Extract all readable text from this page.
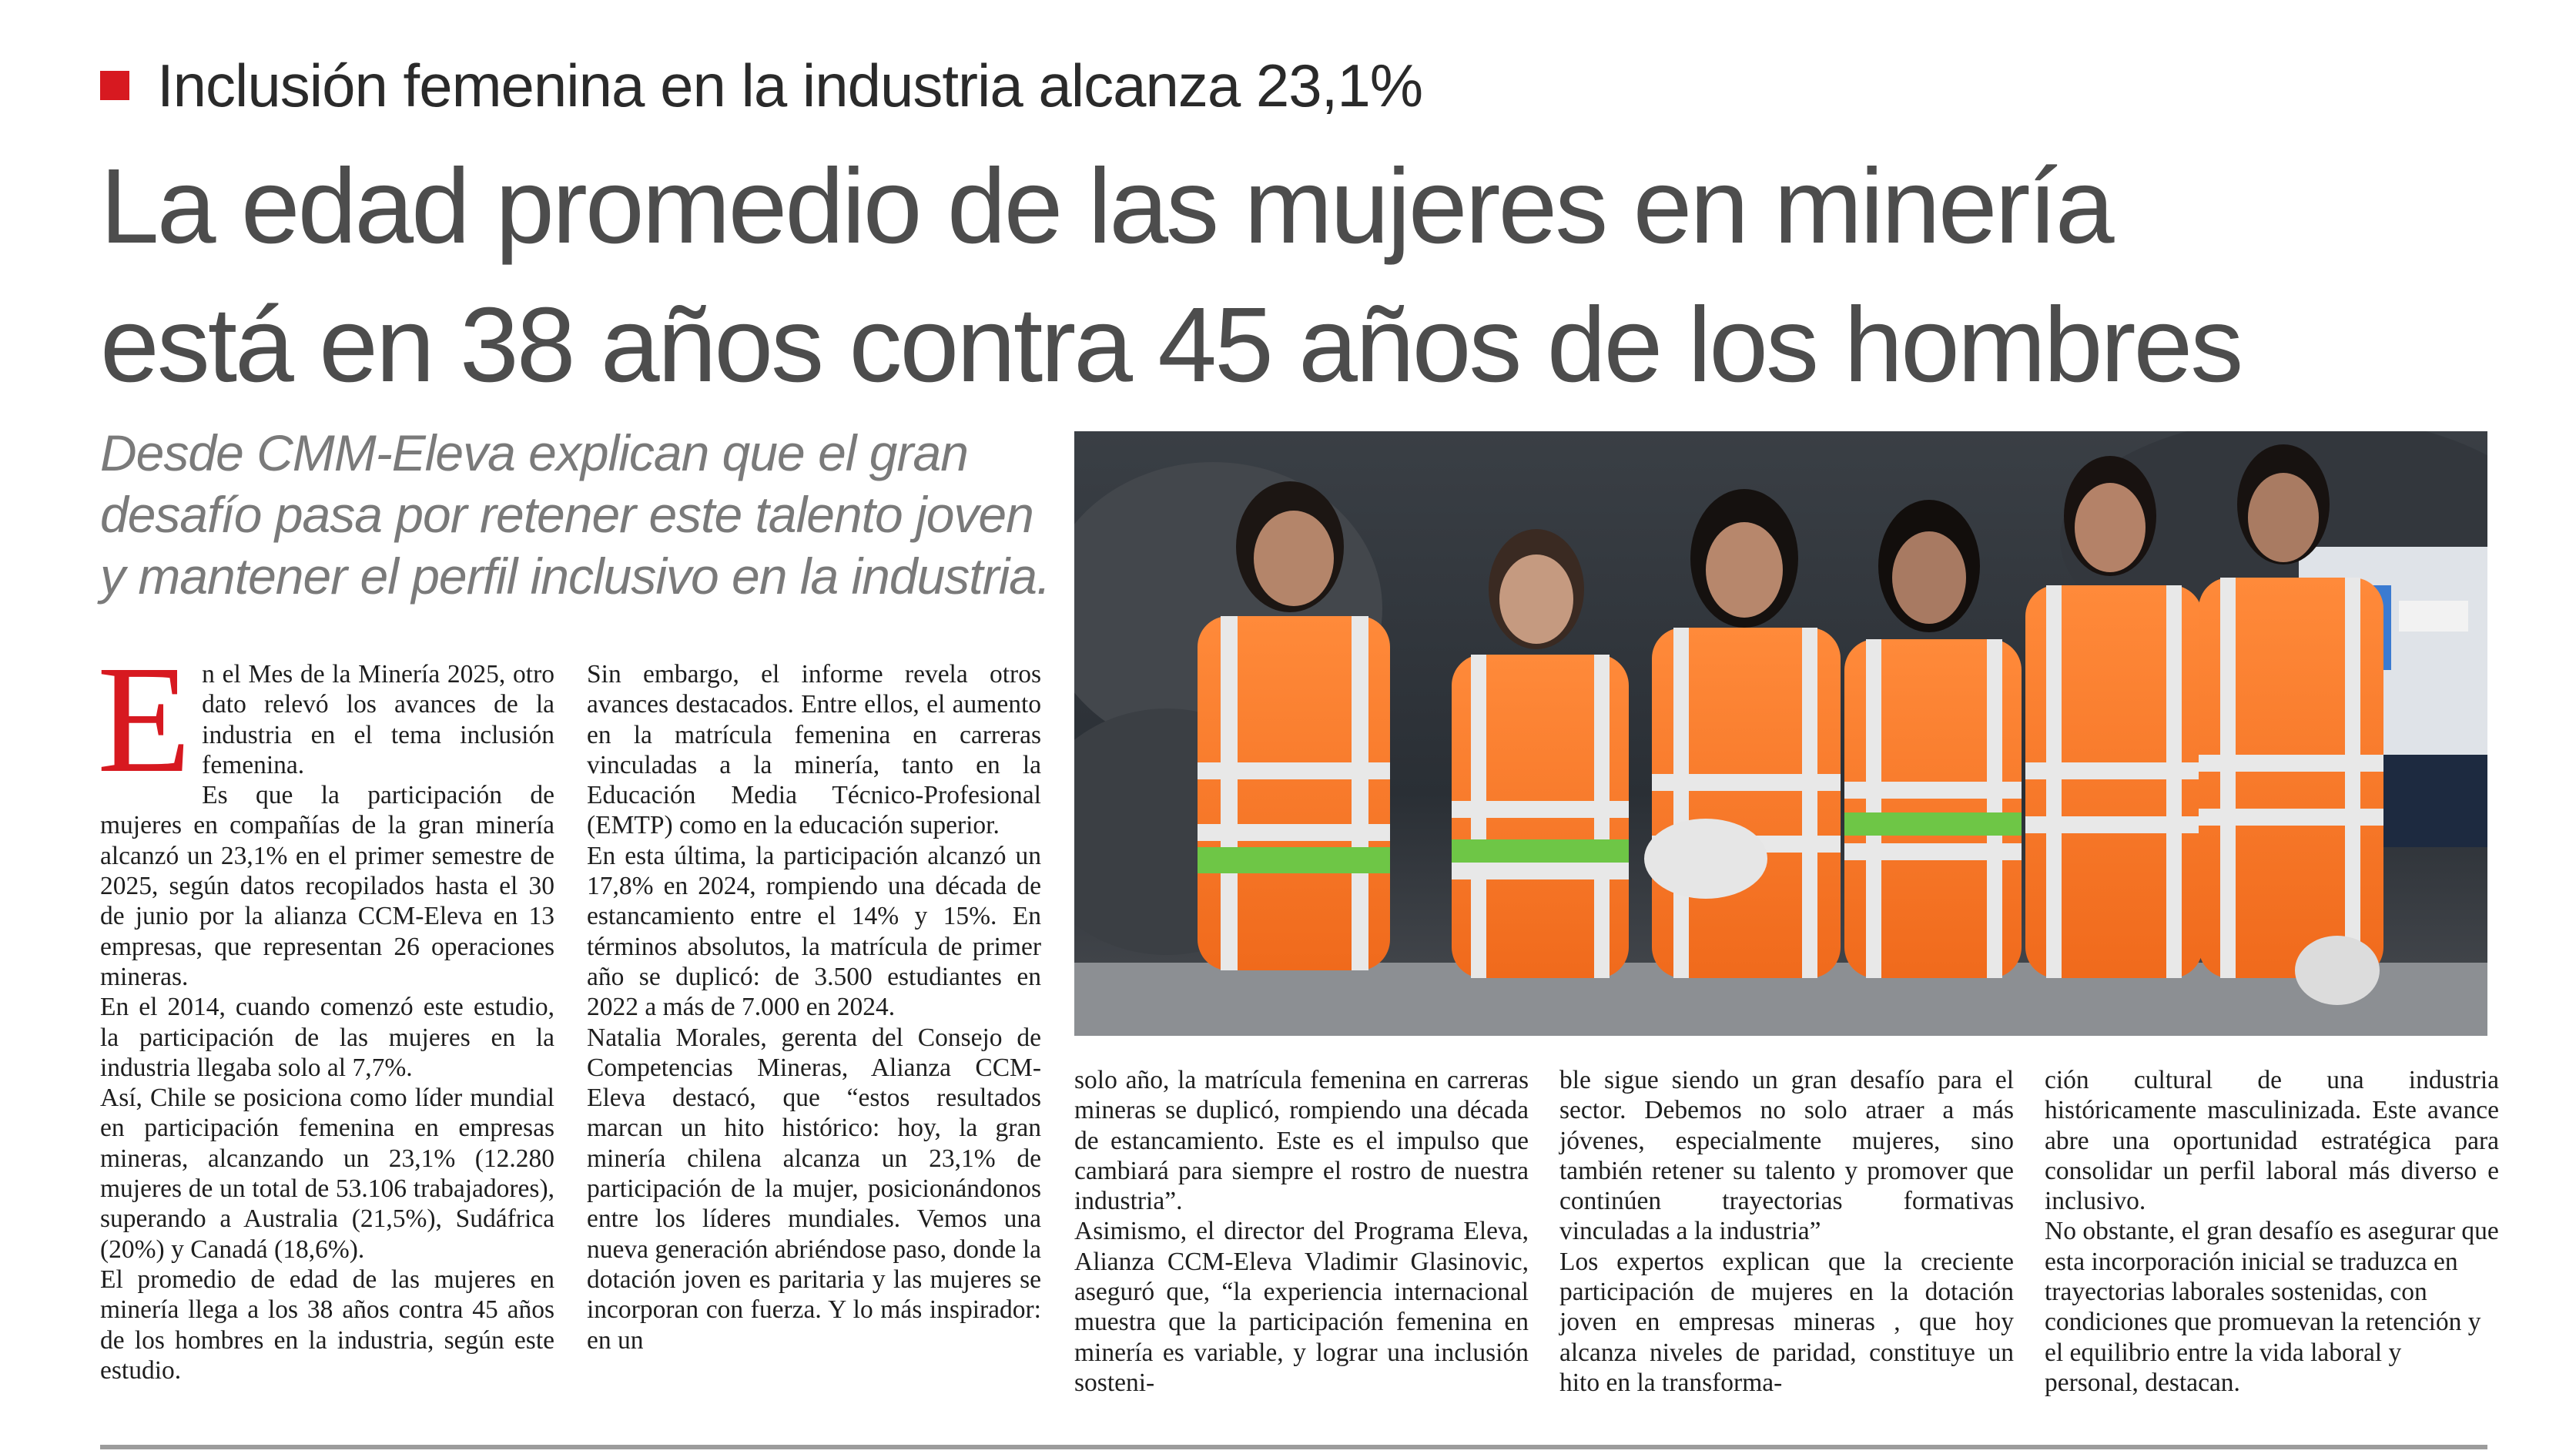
Inclusión femenina en la industria alcanza 23,1%
La edad promedio de las mujeres en minería
está en 38 años contra 45 años de los hombres
Desde CMM-Eleva explican que el gran
desafío pasa por retener este talento joven
y mantener el perfil inclusivo en la industria.

En el Mes de la Minería 2025, otro dato relevó los avances de la industria en el tema inclusión femenina.

Es que la participación de mujeres en compañías de la gran minería alcanzó un 23,1% en el primer semestre de 2025, según datos recopilados hasta el 30 de junio por la alianza CCM-Eleva en 13 empresas, que representan 26 operaciones mineras.

En el 2014, cuando comenzó este estudio, la participación de las mujeres en la industria llegaba solo al 7,7%.

Así, Chile se posiciona como líder mundial en participación femenina en empresas mineras, alcanzando un 23,1% (12.280 mujeres de un total de 53.106 trabajadores), superando a Australia (21,5%), Sudáfrica (20%) y Canadá (18,6%).

El promedio de edad de las mujeres en minería llega a los 38 años contra 45 años de los hombres en la industria, según este estudio.

Sin embargo, el informe revela otros avances destacados. Entre ellos, el aumento en la matrícula femenina en carreras vinculadas a la minería, tanto en la Educación Media Técnico-Profesional (EMTP) como en la educación superior.

En esta última, la participación alcanzó un 17,8% en 2024, rompiendo una década de estancamiento entre el 14% y 15%. En términos absolutos, la matrícula de primer año se duplicó: de 3.500 estudiantes en 2022 a más de 7.000 en 2024.

Natalia Morales, gerenta del Consejo de Competencias Mineras, Alianza CCM-Eleva destacó, que “estos resultados marcan un hito histórico: hoy, la gran minería chilena alcanza un 23,1% de participación de la mujer, posicionándonos entre los líderes mundiales. Vemos una nueva generación abriéndose paso, donde la dotación joven es paritaria y las mujeres se incorporan con fuerza. Y lo más inspirador: en un

solo año, la matrícula femenina en carreras mineras se duplicó, rompiendo una década de estancamiento. Este es el impulso que cambiará para siempre el rostro de nuestra industria”.

Asimismo, el director del Programa Eleva, Alianza CCM-Eleva Vladimir Glasinovic, aseguró que, “la experiencia internacional muestra que la participación femenina en minería es variable, y lograr una inclusión sosteni-

ble sigue siendo un gran desafío para el sector. Debemos no solo atraer a más jóvenes, especialmente mujeres, sino también retener su talento y promover que continúen trayectorias formativas vinculadas a la industria”

Los expertos explican que la creciente participación de mujeres en la dotación joven en empresas mineras , que hoy alcanza niveles de paridad, constituye un hito en la transforma-

ción cultural de una industria históricamente masculinizada. Este avance abre una oportunidad estratégica para consolidar un perfil laboral más diverso e inclusivo.

No obstante, el gran desafío es asegurar que esta incorporación inicial se traduzca en trayectorias laborales sostenidas, con condiciones que promuevan la retención y el equilibrio entre la vida laboral y personal, destacan.
